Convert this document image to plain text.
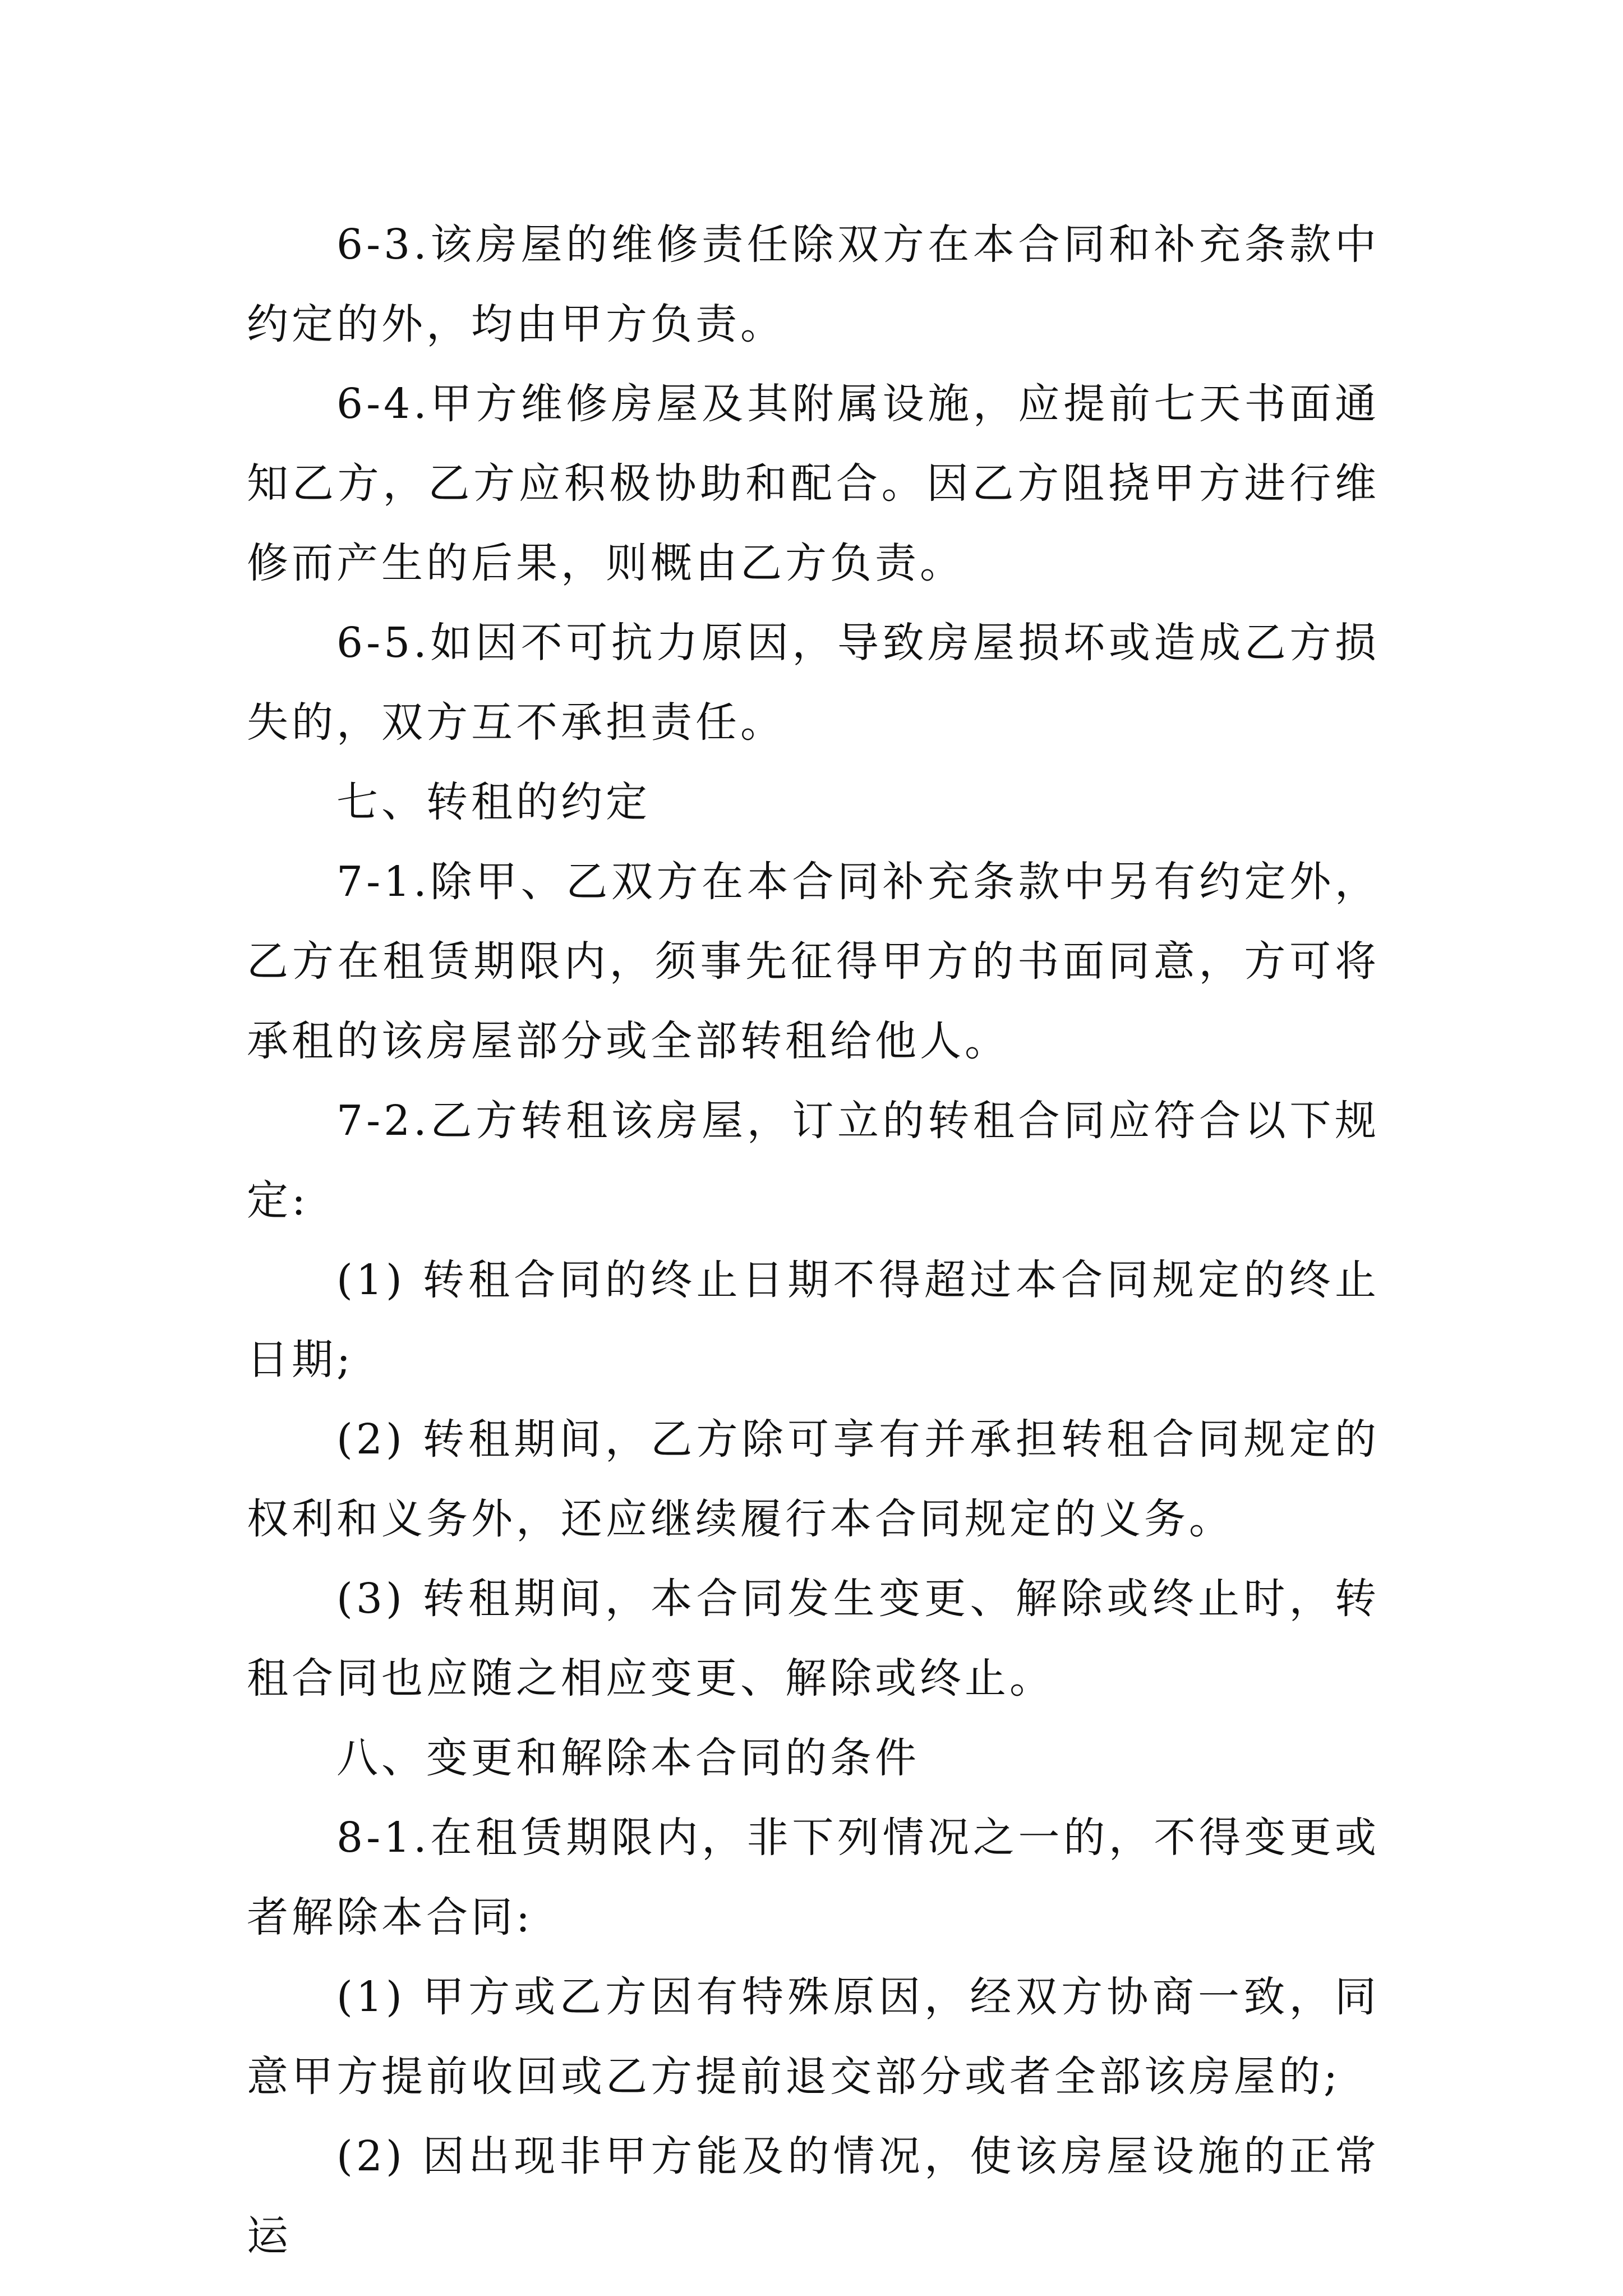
6-3.该房屋的维修责任除双方在本合同和补充条款中约定的外，均由甲方负责。

6-4.甲方维修房屋及其附属设施，应提前七天书面通知乙方，乙方应积极协助和配合。因乙方阻挠甲方进行维修而产生的后果，则概由乙方负责。

6-5.如因不可抗力原因，导致房屋损坏或造成乙方损失的，双方互不承担责任。

七、转租的约定

7-1.除甲、乙双方在本合同补充条款中另有约定外，乙方在租赁期限内，须事先征得甲方的书面同意，方可将承租的该房屋部分或全部转租给他人。

7-2.乙方转租该房屋，订立的转租合同应符合以下规定:

(1) 转租合同的终止日期不得超过本合同规定的终止日期;

(2) 转租期间，乙方除可享有并承担转租合同规定的权利和义务外，还应继续履行本合同规定的义务。

(3) 转租期间，本合同发生变更、解除或终止时，转租合同也应随之相应变更、解除或终止。

八、变更和解除本合同的条件

8-1.在租赁期限内，非下列情况之一的，不得变更或者解除本合同:

(1) 甲方或乙方因有特殊原因，经双方协商一致，同意甲方提前收回或乙方提前退交部分或者全部该房屋的;

(2) 因出现非甲方能及的情况，使该房屋设施的正常运
